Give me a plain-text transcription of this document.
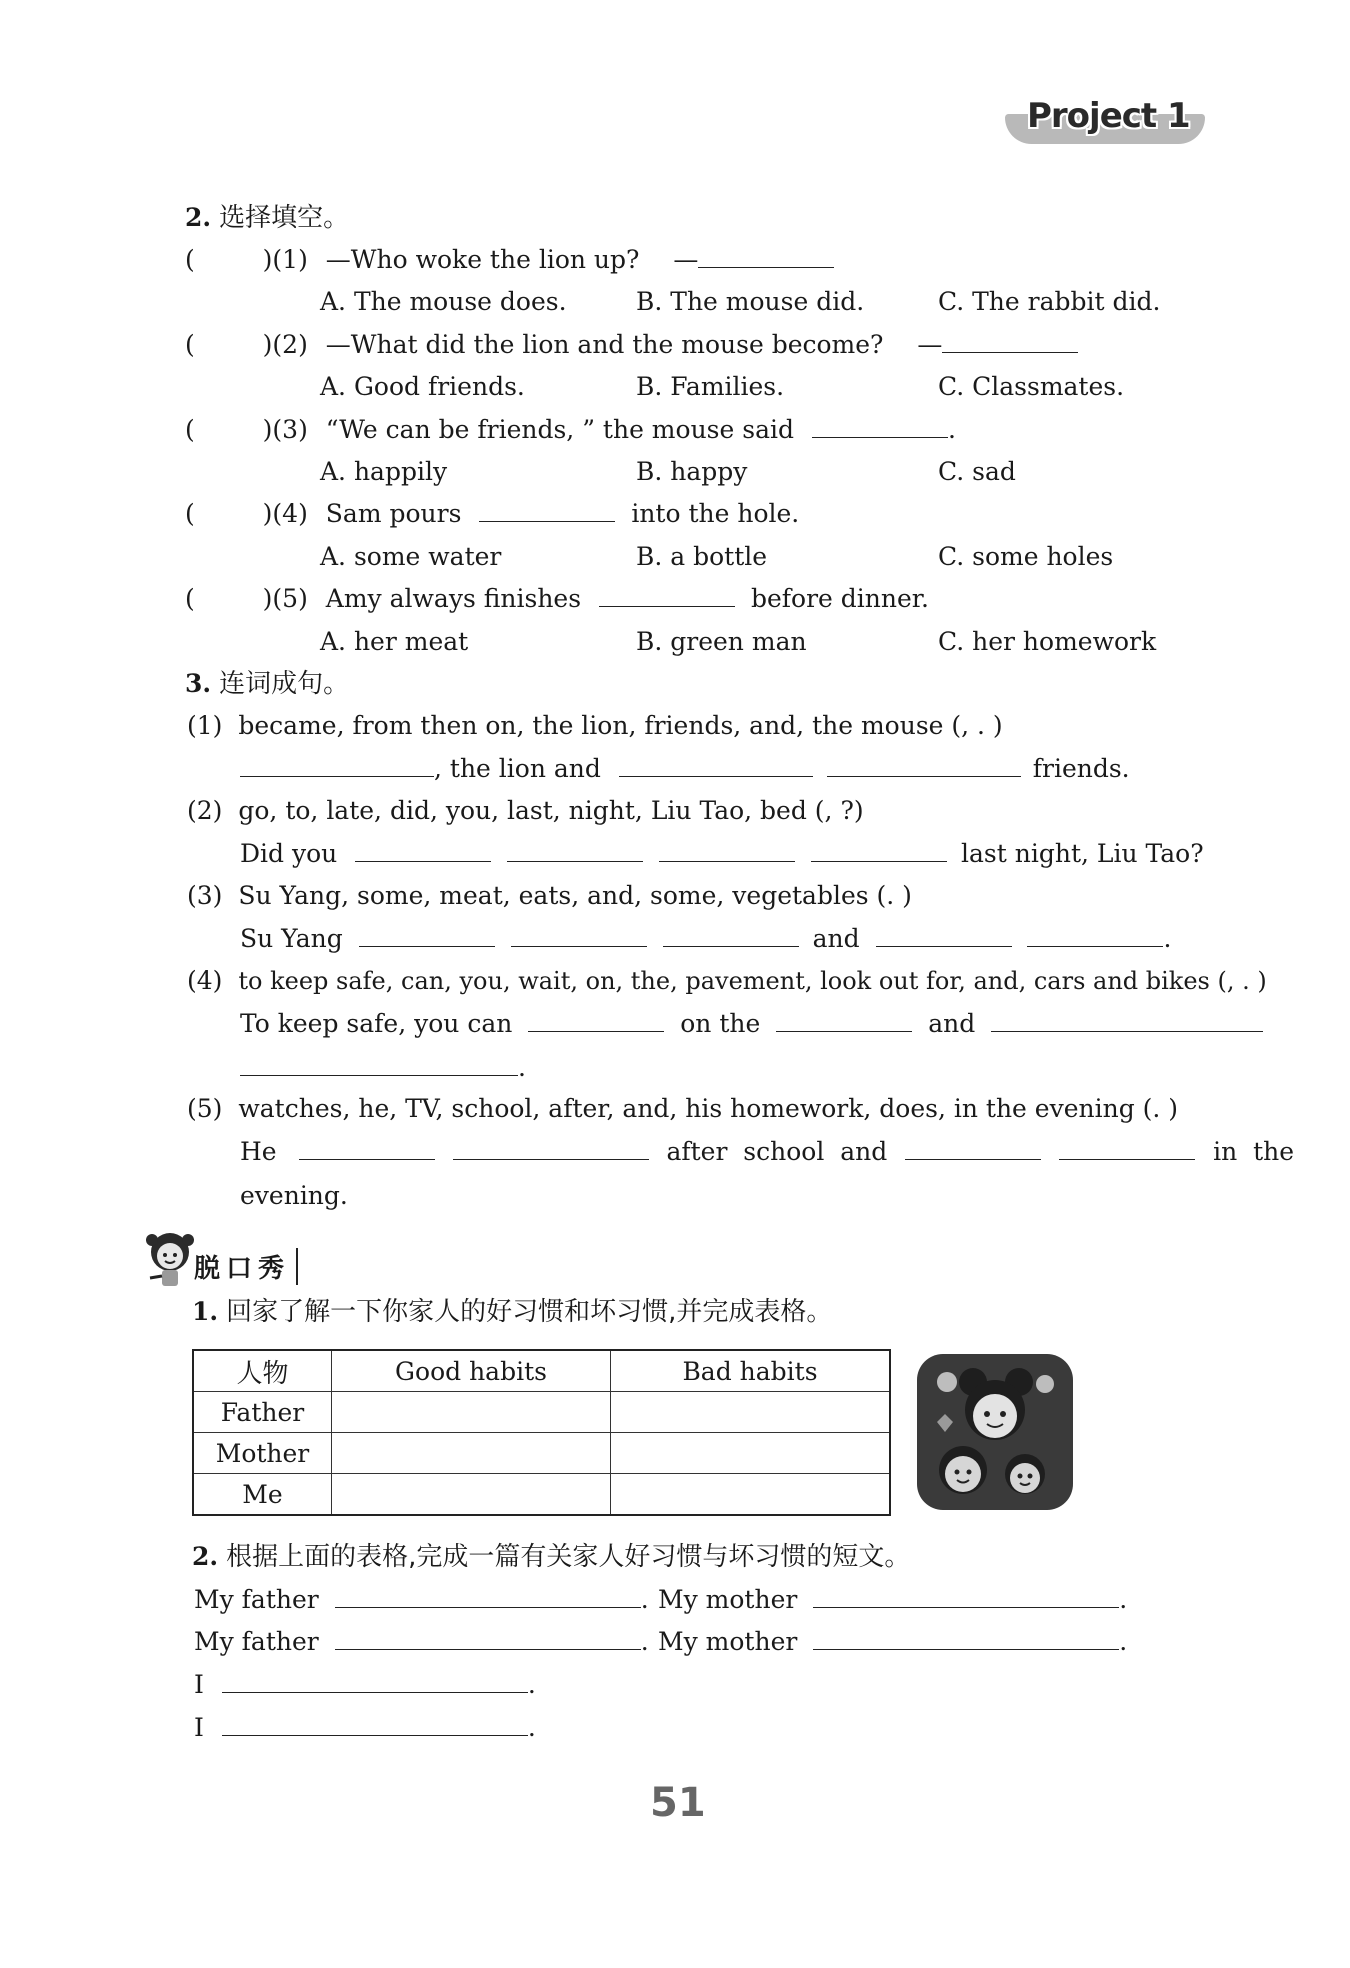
Project 1
2. 选择填空。
(	)(1) —Who woke the lion up? —
A. The mouse does.	B. The mouse did.	C. The rabbit did.
(	)(2) —What did the lion and the mouse become? —
A. Good friends.	B. Families.	C. Classmates.
(	)(3) “We can be friends, ” the mouse said	.
A. happily	B. happy	C. sad
(	)(4) Sam pours	into the hole.
A. some water	B. a bottle	C. some holes
(	)(5) Amy always finishes	before dinner.
A. her meat	B. green man	C. her homework
3. 连词成句。
(1) became, from then on, the lion, friends, and, the mouse (, . )
, the lion and	friends.
(2) go, to, late, did, you, last, night, Liu Tao, bed (, ?)
Did you	last night, Liu Tao?
(3) Su Yang, some, meat, eats, and, some, vegetables (. )
Su Yang	and	.
(4) to keep safe, can, you, wait, on, the, pavement, look out for, and, cars and bikes (, . )
To keep safe, you can	on the	and
.
(5) watches, he, TV, school, after, and, his homework, does, in the evening (. )
He	after  school  and	in  the
evening.
脱口秀
1. 回家了解一下你家人的好习惯和坏习惯,并完成表格。
人物	Good habits	Bad habits
Father		
Mother		
Me		
2. 根据上面的表格,完成一篇有关家人好习惯与坏习惯的短文。
My father	. My mother	.
My father	. My mother	.
I	.
I	.
51
